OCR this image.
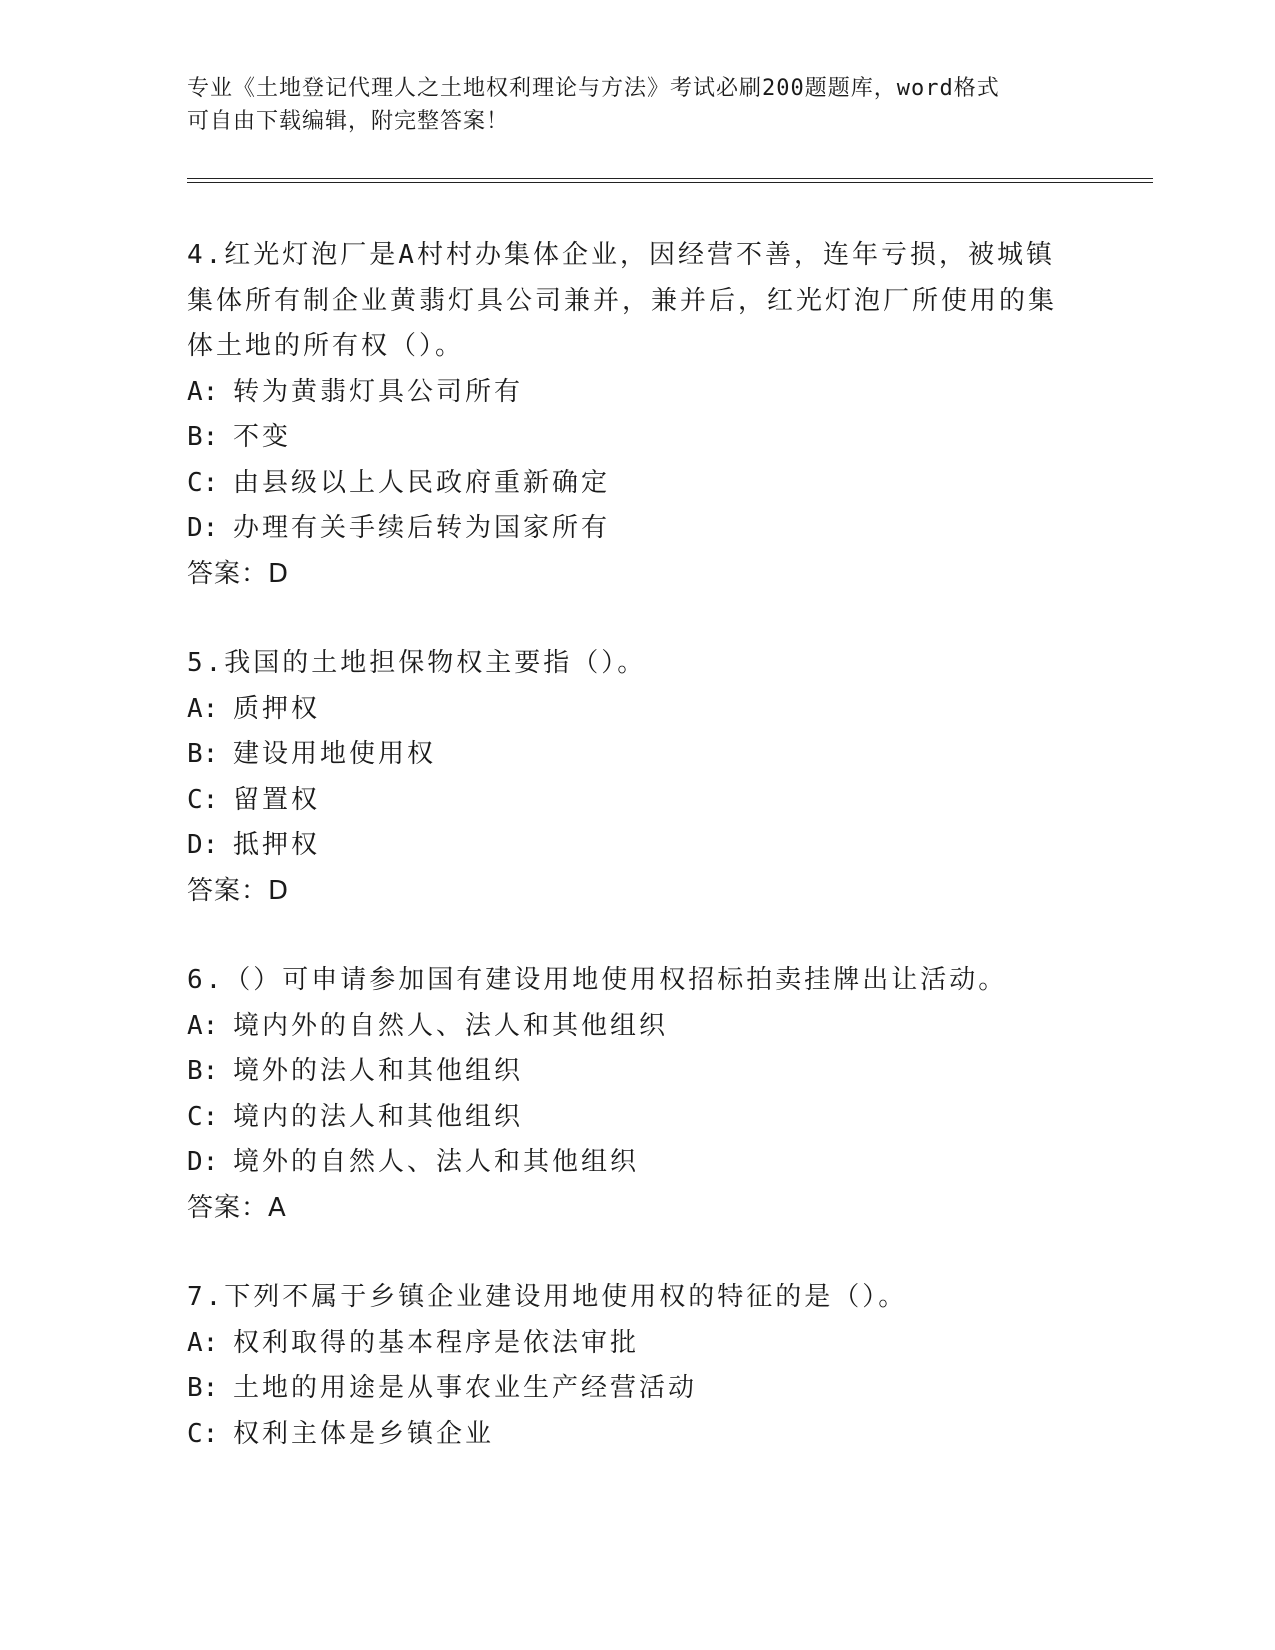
专业《土地登记代理人之土地权利理论与方法》考试必刷200题题库，word格式
可自由下载编辑，附完整答案！
4.红光灯泡厂是A村村办集体企业，因经营不善，连年亏损，被城镇
集体所有制企业黄翡灯具公司兼并，兼并后，红光灯泡厂所使用的集
体土地的所有权（）。
A: 转为黄翡灯具公司所有
B: 不变
C: 由县级以上人民政府重新确定
D: 办理有关手续后转为国家所有
答案：D
5.我国的土地担保物权主要指（）。
A: 质押权
B: 建设用地使用权
C: 留置权
D: 抵押权
答案：D
6.（）可申请参加国有建设用地使用权招标拍卖挂牌出让活动。
A: 境内外的自然人、法人和其他组织
B: 境外的法人和其他组织
C: 境内的法人和其他组织
D: 境外的自然人、法人和其他组织
答案：A
7.下列不属于乡镇企业建设用地使用权的特征的是（）。
A: 权利取得的基本程序是依法审批
B: 土地的用途是从事农业生产经营活动
C: 权利主体是乡镇企业
